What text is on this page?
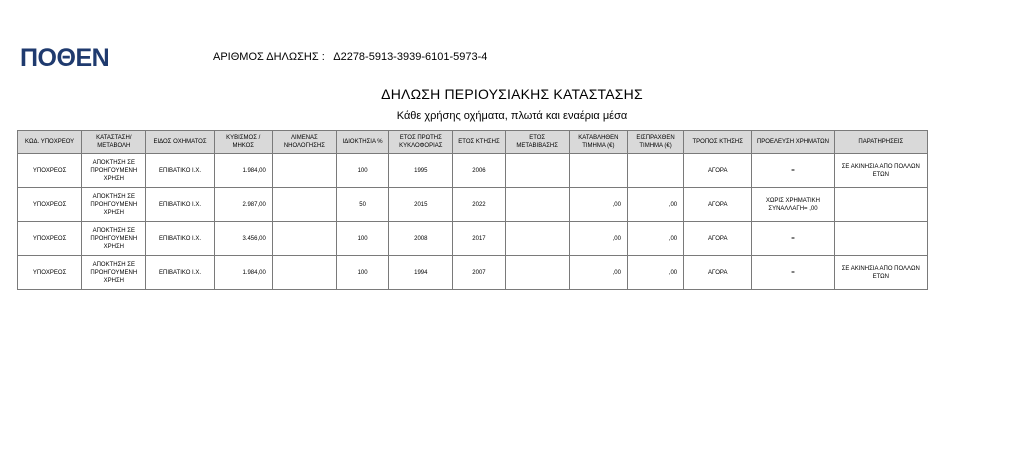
ΠΟΘΕΝ	ΑΡΙΘΜΟΣ ΔΗΛΩΣΗΣ : Δ2278-5913-3939-6101-5973-4
ΔΗΛΩΣΗ ΠΕΡΙΟΥΣΙΑΚΗΣ ΚΑΤΑΣΤΑΣΗΣ
Κάθε χρήσης οχήματα, πλωτά και εναέρια μέσα
ΚΩΔ. ΥΠΟΧΡΕΟΥ	ΚΑΤΑΣΤΑΣΗ/ ΜΕΤΑΒΟΛΗ	ΕΙΔΟΣ ΟΧΗΜΑΤΟΣ	ΚΥΒΙΣΜΟΣ / ΜΗΚΟΣ	ΛΙΜΕΝΑΣ ΝΗΟΛΟΓΗΣΗΣ	ΙΔΙΟΚΤΗΣΙΑ %	ΕΤΟΣ ΠΡΩΤΗΣ ΚΥΚΛΟΦΟΡΙΑΣ	ΕΤΟΣ ΚΤΗΣΗΣ	ΕΤΟΣ ΜΕΤΑΒΙΒΑΣΗΣ	ΚΑΤΑΒΛΗΘΕΝ ΤΙΜΗΜΑ (€)	ΕΙΣΠΡΑΧΘΕΝ ΤΙΜΗΜΑ (€)	ΤΡΟΠΟΣ ΚΤΗΣΗΣ	ΠΡΟΕΛΕΥΣΗ ΧΡΗΜΑΤΩΝ	ΠΑΡΑΤΗΡΗΣΕΙΣ
ΥΠΟΧΡΕΟΣ	ΑΠΟΚΤΗΣΗ ΣΕ ΠΡΟΗΓΟΥΜΕΝΗ ΧΡΗΣΗ	ΕΠΙΒΑΤΙΚΟ Ι.Χ.	1.984,00		100	1995	2006				ΑΓΟΡΑ	=	ΣΕ ΑΚΙΝΗΣΙΑ ΑΠΟ ΠΟΛΛΩΝ ΕΤΩΝ
ΥΠΟΧΡΕΟΣ	ΑΠΟΚΤΗΣΗ ΣΕ ΠΡΟΗΓΟΥΜΕΝΗ ΧΡΗΣΗ	ΕΠΙΒΑΤΙΚΟ Ι.Χ.	2.987,00		50	2015	2022		,00	,00	ΑΓΟΡΑ	ΧΩΡΙΣ ΧΡΗΜΑΤΙΚΗ ΣΥΝΑΛΛΑΓΗ= ,00	
ΥΠΟΧΡΕΟΣ	ΑΠΟΚΤΗΣΗ ΣΕ ΠΡΟΗΓΟΥΜΕΝΗ ΧΡΗΣΗ	ΕΠΙΒΑΤΙΚΟ Ι.Χ.	3.456,00		100	2008	2017		,00	,00	ΑΓΟΡΑ	=	
ΥΠΟΧΡΕΟΣ	ΑΠΟΚΤΗΣΗ ΣΕ ΠΡΟΗΓΟΥΜΕΝΗ ΧΡΗΣΗ	ΕΠΙΒΑΤΙΚΟ Ι.Χ.	1.984,00		100	1994	2007		,00	,00	ΑΓΟΡΑ	=	ΣΕ ΑΚΙΝΗΣΙΑ ΑΠΟ ΠΟΛΛΩΝ ΕΤΩΝ
